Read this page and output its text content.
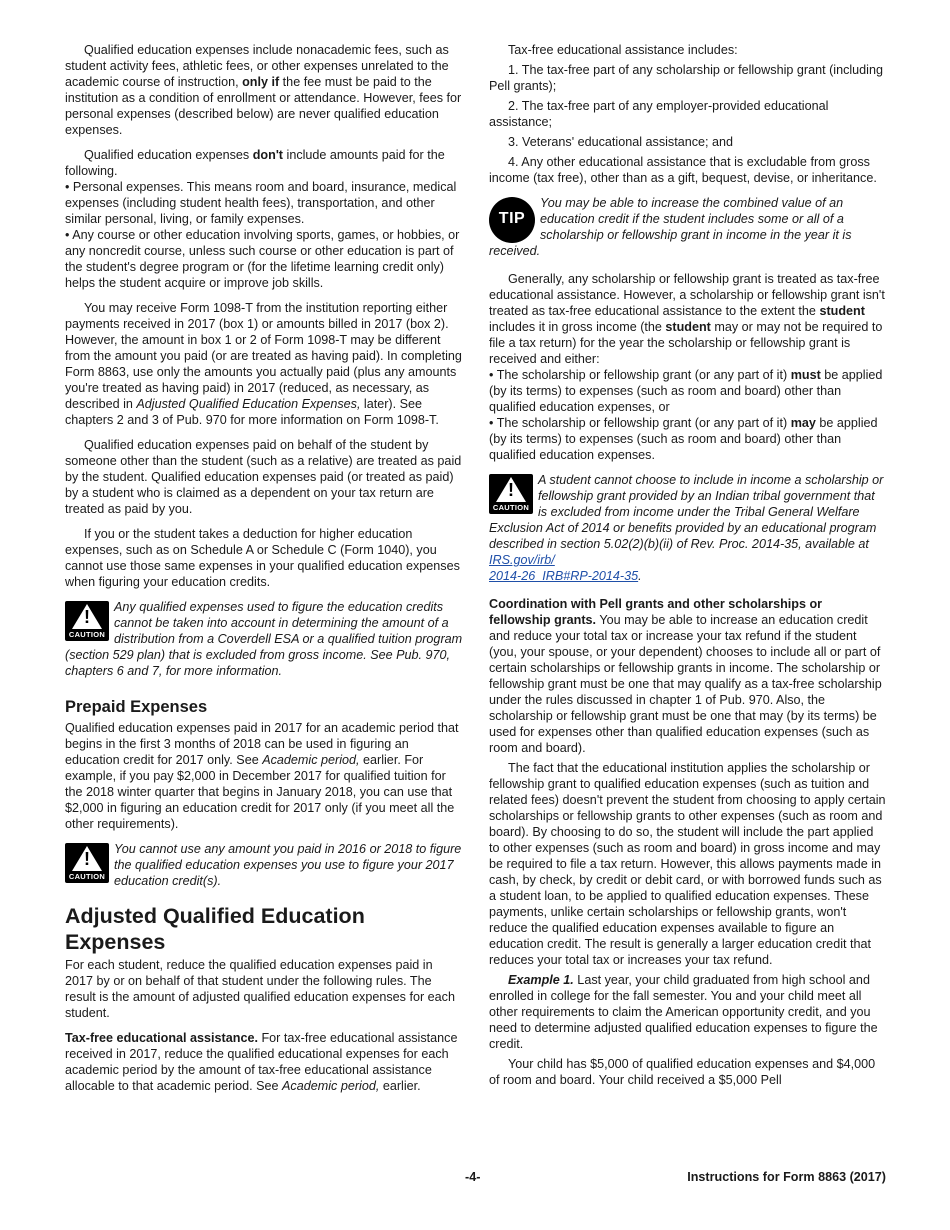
Qualified education expenses include nonacademic fees, such as student activity fees, athletic fees, or other expenses unrelated to the academic course of instruction, only if the fee must be paid to the institution as a condition of enrollment or attendance. However, fees for personal expenses (described below) are never qualified education expenses.

Qualified education expenses don't include amounts paid for the following.

• Personal expenses. This means room and board, insurance, medical expenses (including student health fees), transportation, and other similar personal, living, or family expenses.

• Any course or other education involving sports, games, or hobbies, or any noncredit course, unless such course or other education is part of the student's degree program or (for the lifetime learning credit only) helps the student acquire or improve job skills.

You may receive Form 1098-T from the institution reporting either payments received in 2017 (box 1) or amounts billed in 2017 (box 2). However, the amount in box 1 or 2 of Form 1098-T may be different from the amount you paid (or are treated as having paid). In completing Form 8863, use only the amounts you actually paid (plus any amounts you're treated as having paid) in 2017 (reduced, as necessary, as described in Adjusted Qualified Education Expenses, later). See chapters 2 and 3 of Pub. 970 for more information on Form 1098-T.

Qualified education expenses paid on behalf of the student by someone other than the student (such as a relative) are treated as paid by the student. Qualified education expenses paid (or treated as paid) by a student who is claimed as a dependent on your tax return are treated as paid by you.

If you or the student takes a deduction for higher education expenses, such as on Schedule A or Schedule C (Form 1040), you cannot use those same expenses in your qualified education expenses when figuring your education credits.

!
CAUTION
Any qualified expenses used to figure the education credits cannot be taken into account in determining the amount of a distribution from a Coverdell ESA or a qualified tuition program (section 529 plan) that is excluded from gross income. See Pub. 970, chapters 6 and 7, for more information.
Prepaid Expenses

Qualified education expenses paid in 2017 for an academic period that begins in the first 3 months of 2018 can be used in figuring an education credit for 2017 only. See Academic period, earlier. For example, if you pay $2,000 in December 2017 for qualified tuition for the 2018 winter quarter that begins in January 2018, you can use that $2,000 in figuring an education credit for 2017 only (if you meet all the other requirements).

!
CAUTION
You cannot use any amount you paid in 2016 or 2018 to figure the qualified education expenses you use to figure your 2017 education credit(s).
Adjusted Qualified Education Expenses

For each student, reduce the qualified education expenses paid in 2017 by or on behalf of that student under the following rules. The result is the amount of adjusted qualified education expenses for each student.

Tax-free educational assistance. For tax-free educational assistance received in 2017, reduce the qualified educational expenses for each academic period by the amount of tax-free educational assistance allocable to that academic period. See Academic period, earlier.

Tax-free educational assistance includes:

1. The tax-free part of any scholarship or fellowship grant (including Pell grants);

2. The tax-free part of any employer-provided educational assistance;

3. Veterans' educational assistance; and

4. Any other educational assistance that is excludable from gross income (tax free), other than as a gift, bequest, devise, or inheritance.

TIP
You may be able to increase the combined value of an education credit if the student includes some or all of a scholarship or fellowship grant in income in the year it is received.

Generally, any scholarship or fellowship grant is treated as tax-free educational assistance. However, a scholarship or fellowship grant isn't treated as tax-free educational assistance to the extent the student includes it in gross income (the student may or may not be required to file a tax return) for the year the scholarship or fellowship grant is received and either:

• The scholarship or fellowship grant (or any part of it) must be applied (by its terms) to expenses (such as room and board) other than qualified education expenses, or

• The scholarship or fellowship grant (or any part of it) may be applied (by its terms) to expenses (such as room and board) other than qualified education expenses.

!
CAUTION
A student cannot choose to include in income a scholarship or fellowship grant provided by an Indian tribal government that is excluded from income under the Tribal General Welfare Exclusion Act of 2014 or benefits provided by an educational program described in section 5.02(2)(b)(ii) of Rev. Proc. 2014-35, available at IRS.gov/irb/
2014-26_IRB#RP-2014-35.

Coordination with Pell grants and other scholarships or fellowship grants. You may be able to increase an education credit and reduce your total tax or increase your tax refund if the student (you, your spouse, or your dependent) chooses to include all or part of certain scholarships or fellowship grants in income. The scholarship or fellowship grant must be one that may qualify as a tax-free scholarship under the rules discussed in chapter 1 of Pub. 970. Also, the scholarship or fellowship grant must be one that may (by its terms) be used for expenses other than qualified education expenses (such as room and board).

The fact that the educational institution applies the scholarship or fellowship grant to qualified education expenses (such as tuition and related fees) doesn't prevent the student from choosing to apply certain scholarships or fellowship grants to other expenses (such as room and board). By choosing to do so, the student will include the part applied to other expenses (such as room and board) in gross income and may be required to file a tax return. However, this allows payments made in cash, by check, by credit or debit card, or with borrowed funds such as a student loan, to be applied to qualified education expenses. These payments, unlike certain scholarships or fellowship grants, won't reduce the qualified education expenses available to figure an education credit. The result is generally a larger education credit that reduces your total tax or increases your tax refund.

Example 1. Last year, your child graduated from high school and enrolled in college for the fall semester. You and your child meet all other requirements to claim the American opportunity credit, and you need to determine adjusted qualified education expenses to figure the credit.

Your child has $5,000 of qualified education expenses and $4,000 of room and board. Your child received a $5,000 Pell

-4-	Instructions for Form 8863 (2017)
